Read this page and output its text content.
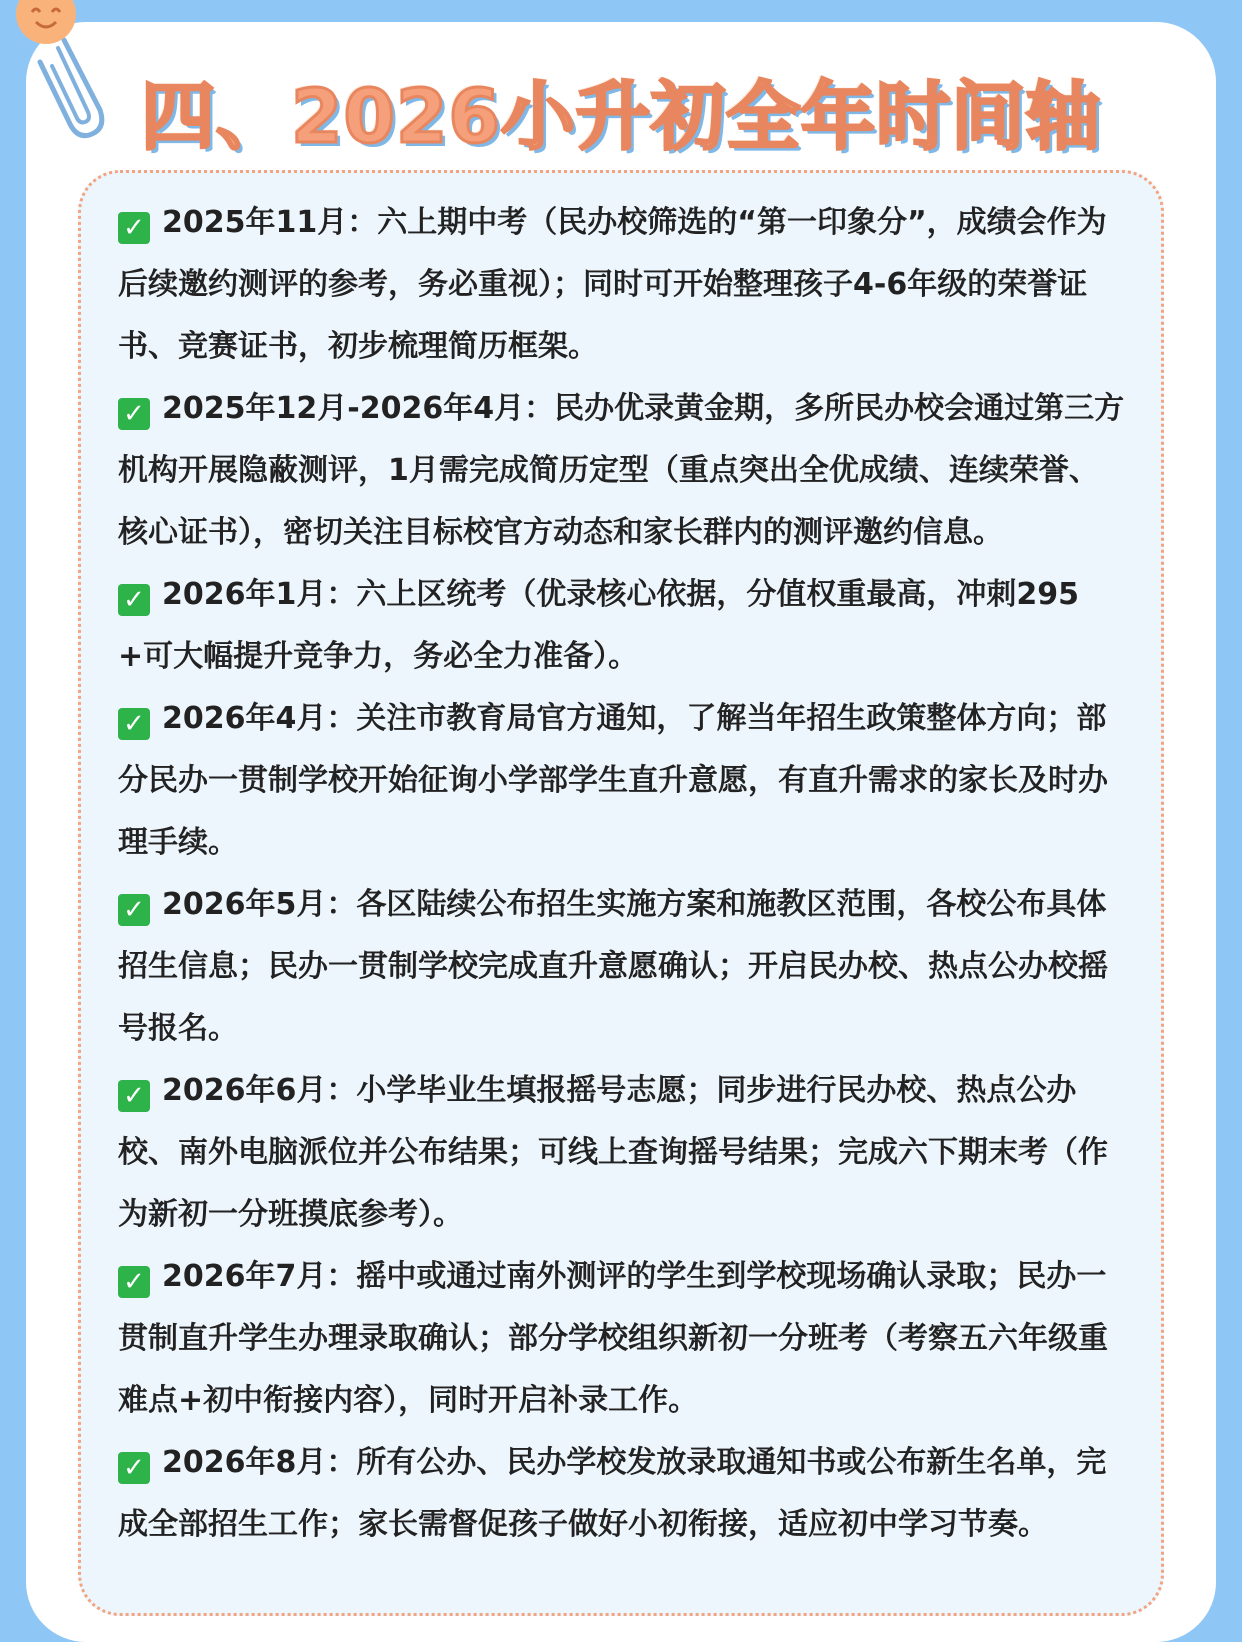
四、2026小升初全年时间轴

✓ 2025年11月：六上期中考（民办校筛选的“第一印象分”，成绩会作为后续邀约测评的参考，务必重视）；同时可开始整理孩子4-6年级的荣誉证书、竞赛证书，初步梳理简历框架。

✓ 2025年12月-2026年4月：民办优录黄金期，多所民办校会通过第三方机构开展隐蔽测评，1月需完成简历定型（重点突出全优成绩、连续荣誉、核心证书），密切关注目标校官方动态和家长群内的测评邀约信息。

✓ 2026年1月：六上区统考（优录核心依据，分值权重最高，冲刺295+可大幅提升竞争力，务必全力准备）。

✓ 2026年4月：关注市教育局官方通知，了解当年招生政策整体方向；部分民办一贯制学校开始征询小学部学生直升意愿，有直升需求的家长及时办理手续。

✓ 2026年5月：各区陆续公布招生实施方案和施教区范围，各校公布具体招生信息；民办一贯制学校完成直升意愿确认；开启民办校、热点公办校摇号报名。

✓ 2026年6月：小学毕业生填报摇号志愿；同步进行民办校、热点公办校、南外电脑派位并公布结果；可线上查询摇号结果；完成六下期末考（作为新初一分班摸底参考）。

✓ 2026年7月：摇中或通过南外测评的学生到学校现场确认录取；民办一贯制直升学生办理录取确认；部分学校组织新初一分班考（考察五六年级重难点+初中衔接内容），同时开启补录工作。

✓ 2026年8月：所有公办、民办学校发放录取通知书或公布新生名单，完成全部招生工作；家长需督促孩子做好小初衔接，适应初中学习节奏。
